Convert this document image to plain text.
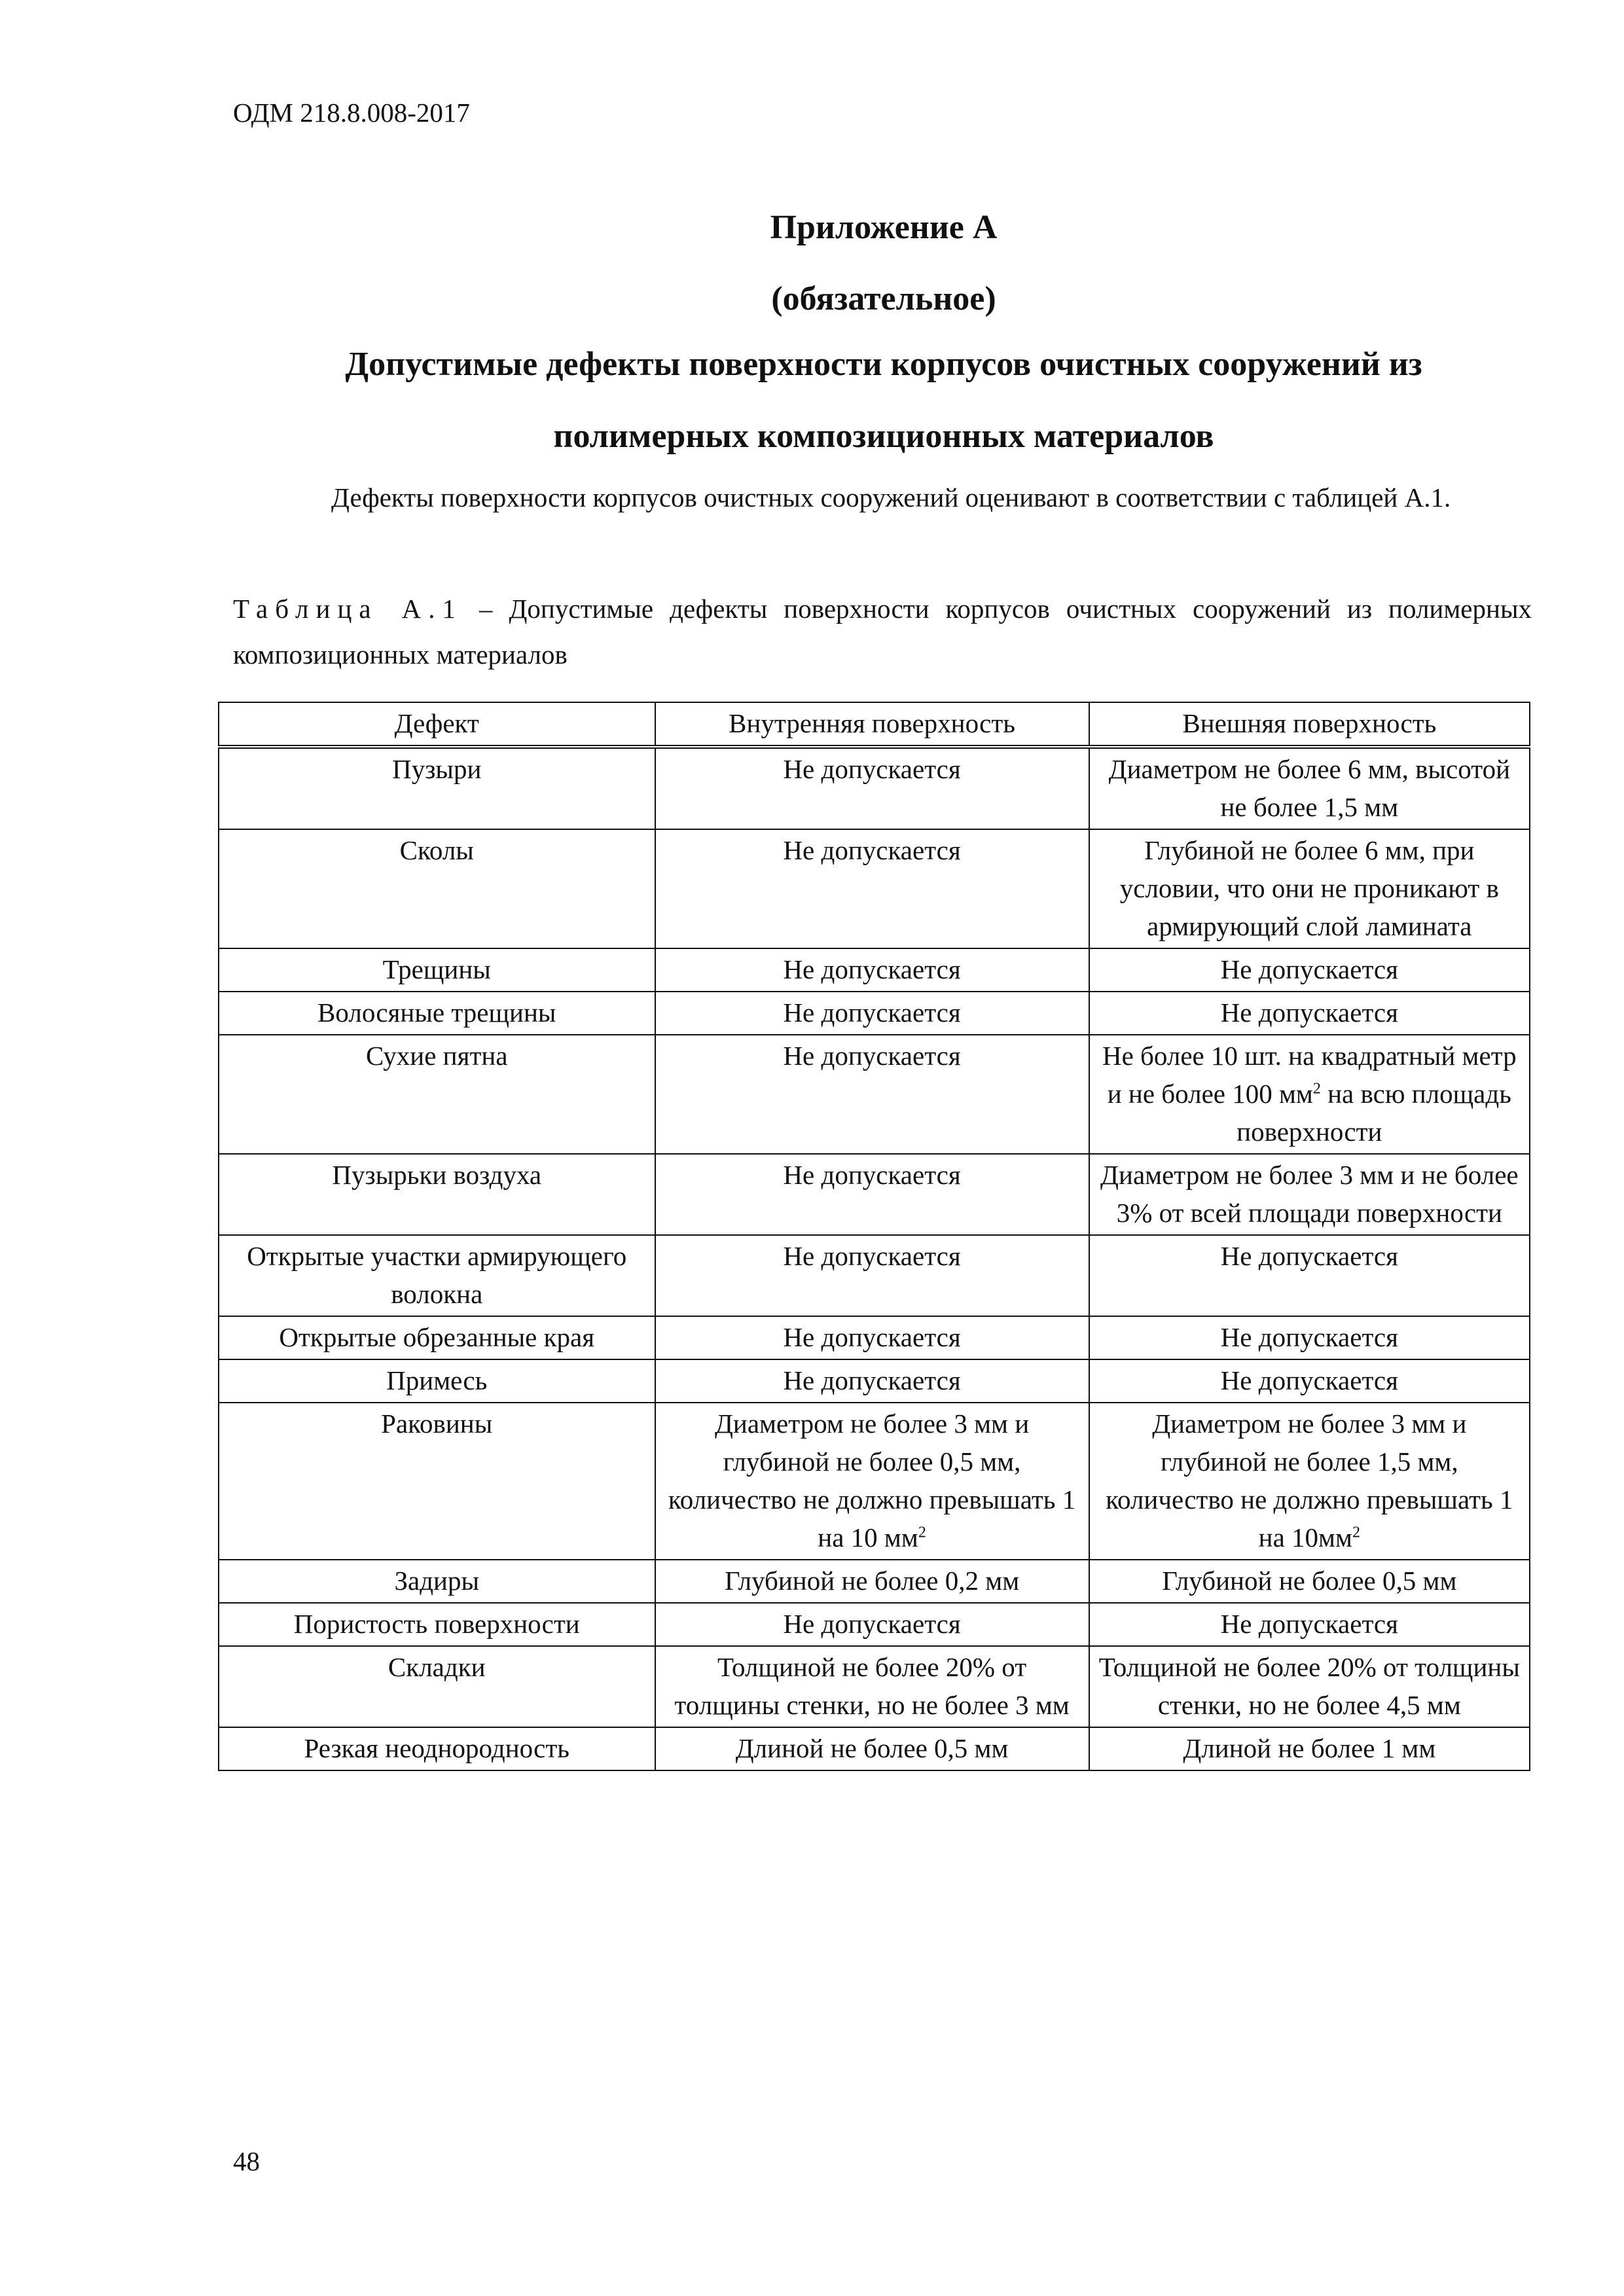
ОДМ 218.8.008-2017
Приложение А
(обязательное)
Допустимые дефекты поверхности корпусов очистных сооружений из
полимерных композиционных материалов
Дефекты поверхности корпусов очистных сооружений оценивают в соответствии с таблицей А.1.
Таблица А.1 – Допустимые дефекты поверхности корпусов очистных сооружений из полимерных композиционных материалов
Дефект	Внутренняя поверхность	Внешняя поверхность
Пузыри	Не допускается	Диаметром не более 6 мм, высотой не более 1,5 мм
Сколы	Не допускается	Глубиной не более 6 мм, при условии, что они не проникают в армирующий слой ламината
Трещины	Не допускается	Не допускается
Волосяные трещины	Не допускается	Не допускается
Сухие пятна	Не допускается	Не более 10 шт. на квадратный метр и не более 100 $мм^2$ на всю площадь поверхности
Пузырьки воздуха	Не допускается	Диаметром не более 3 мм и не более 3% от всей площади поверхности
Открытые участки армирующего волокна	Не допускается	Не допускается
Открытые обрезанные края	Не допускается	Не допускается
Примесь	Не допускается	Не допускается
Раковины	Диаметром не более 3 мм и глубиной не более 0,5 мм, количество не должно превышать 1 на 10 $мм^2$	Диаметром не более 3 мм и глубиной не более 1,5 мм, количество не должно превышать 1 на $10мм^2$
Задиры	Глубиной не более 0,2 мм	Глубиной не более 0,5 мм
Пористость поверхности	Не допускается	Не допускается
Складки	Толщиной не более 20% от толщины стенки, но не более 3 мм	Толщиной не более 20% от толщины стенки, но не более 4,5 мм
Резкая неоднородность	Длиной не более 0,5 мм	Длиной не более 1 мм
48
